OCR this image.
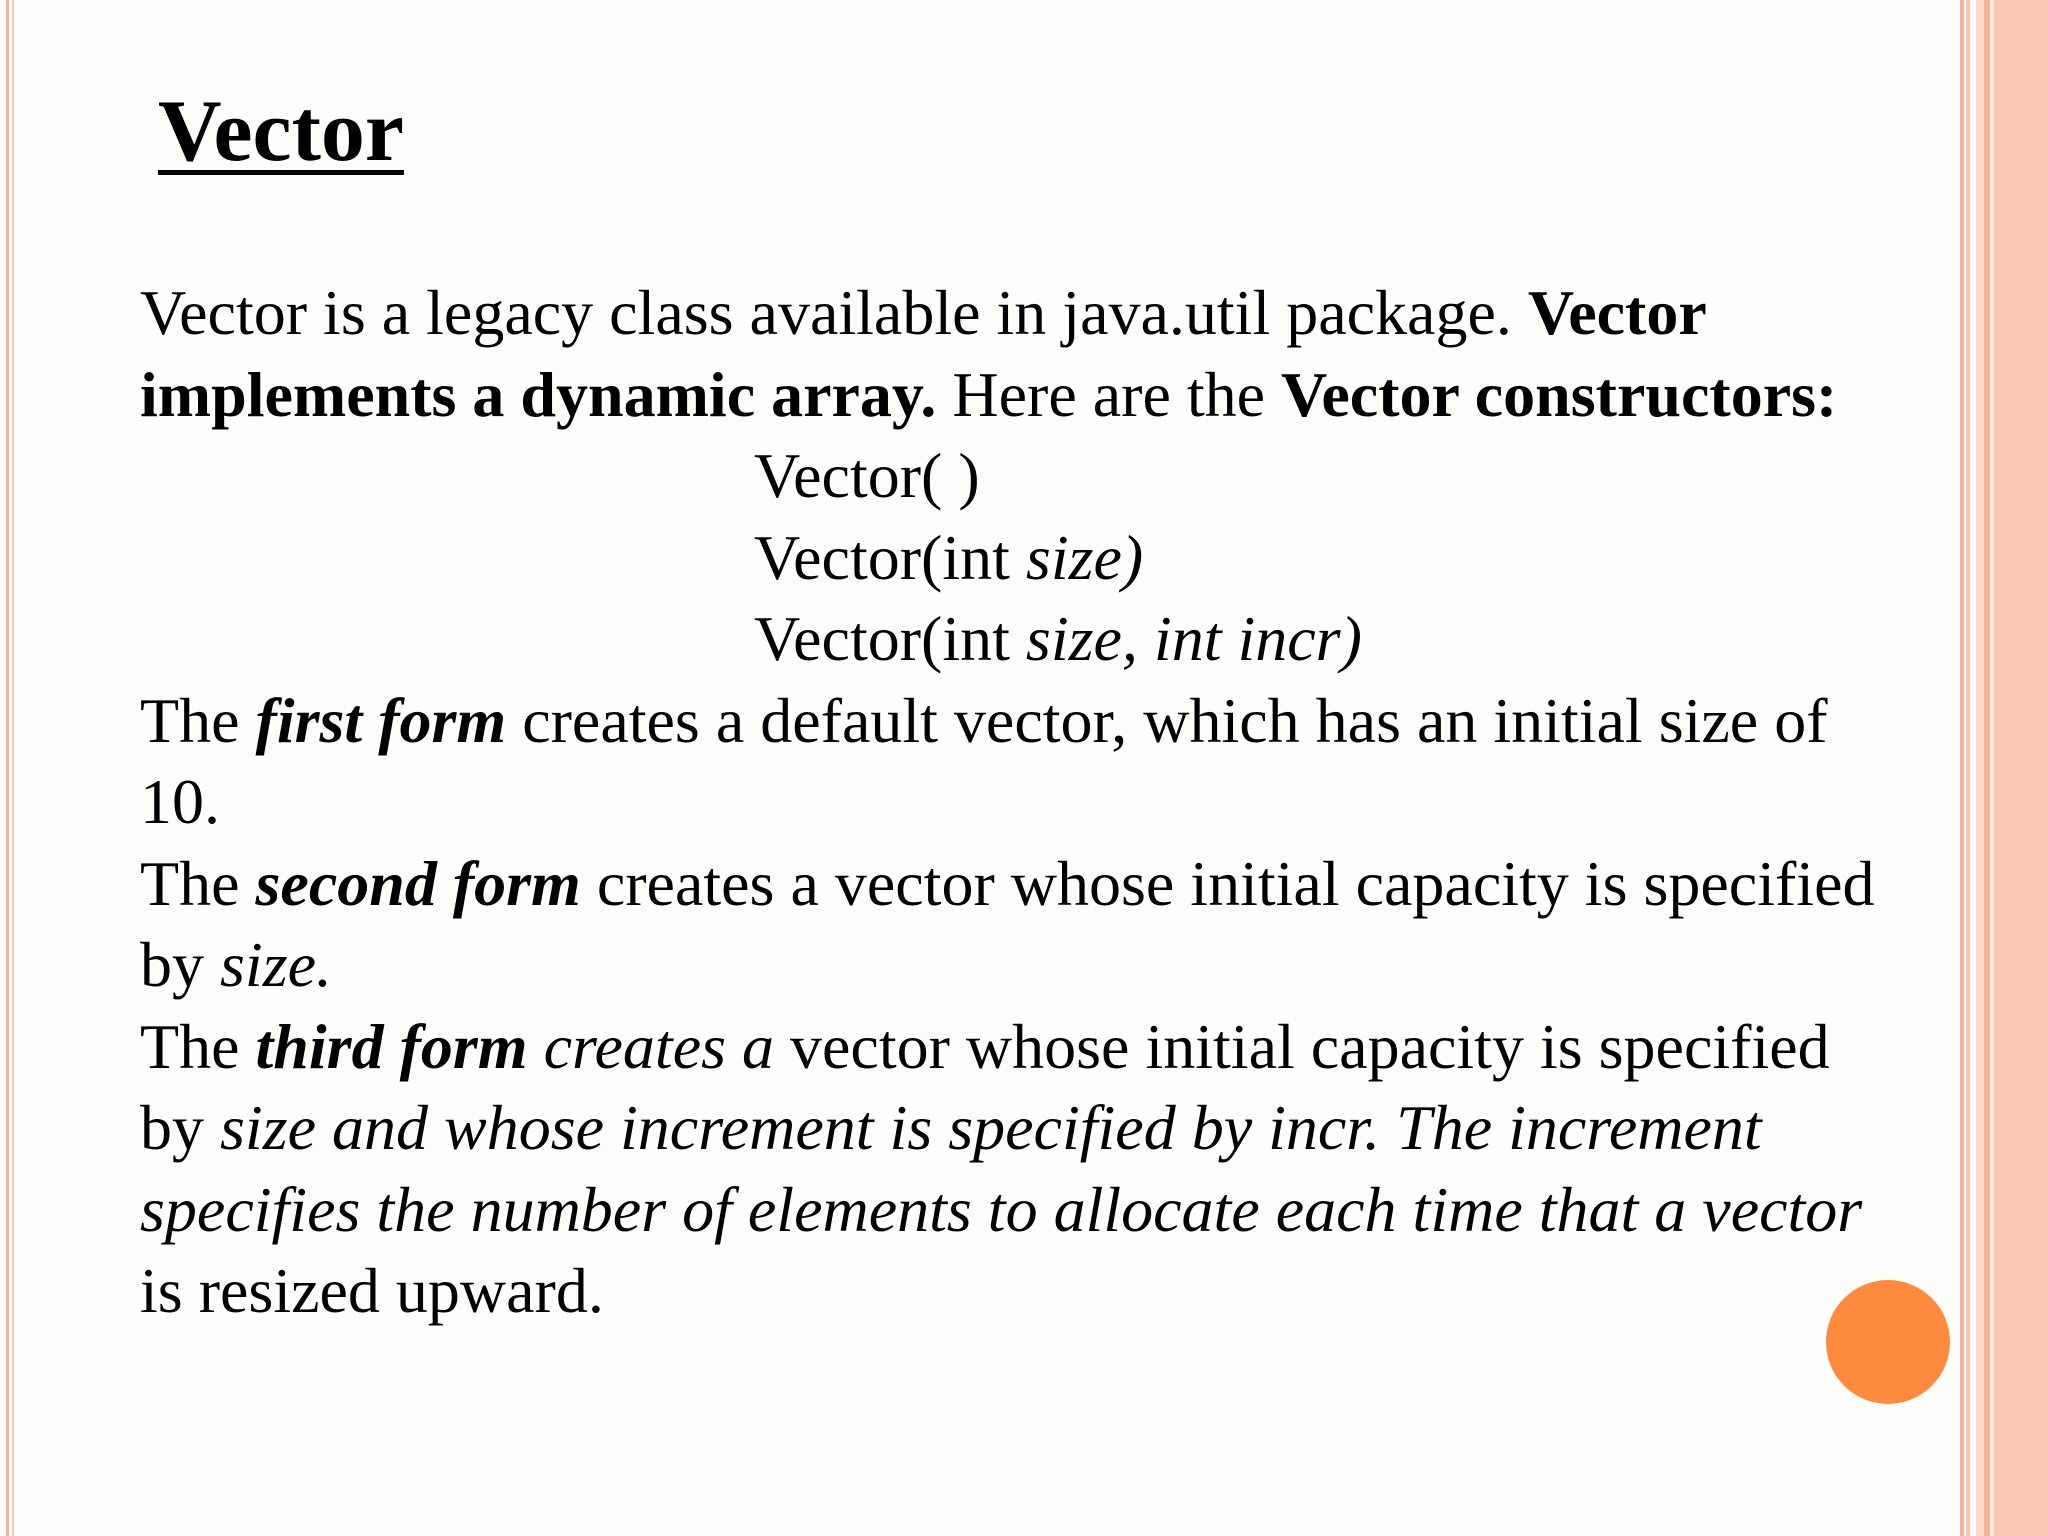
Vector
Vector is a legacy class available in java.util package. Vector
implements a dynamic array. Here are the Vector constructors:
Vector( )
Vector(int size)
Vector(int size, int incr)
The first form creates a default vector, which has an initial size of
10.
The second form creates a vector whose initial capacity is specified
by size.
The third form creates a vector whose initial capacity is specified
by size and whose increment is specified by incr. The increment
specifies the number of elements to allocate each time that a vector
is resized upward.
